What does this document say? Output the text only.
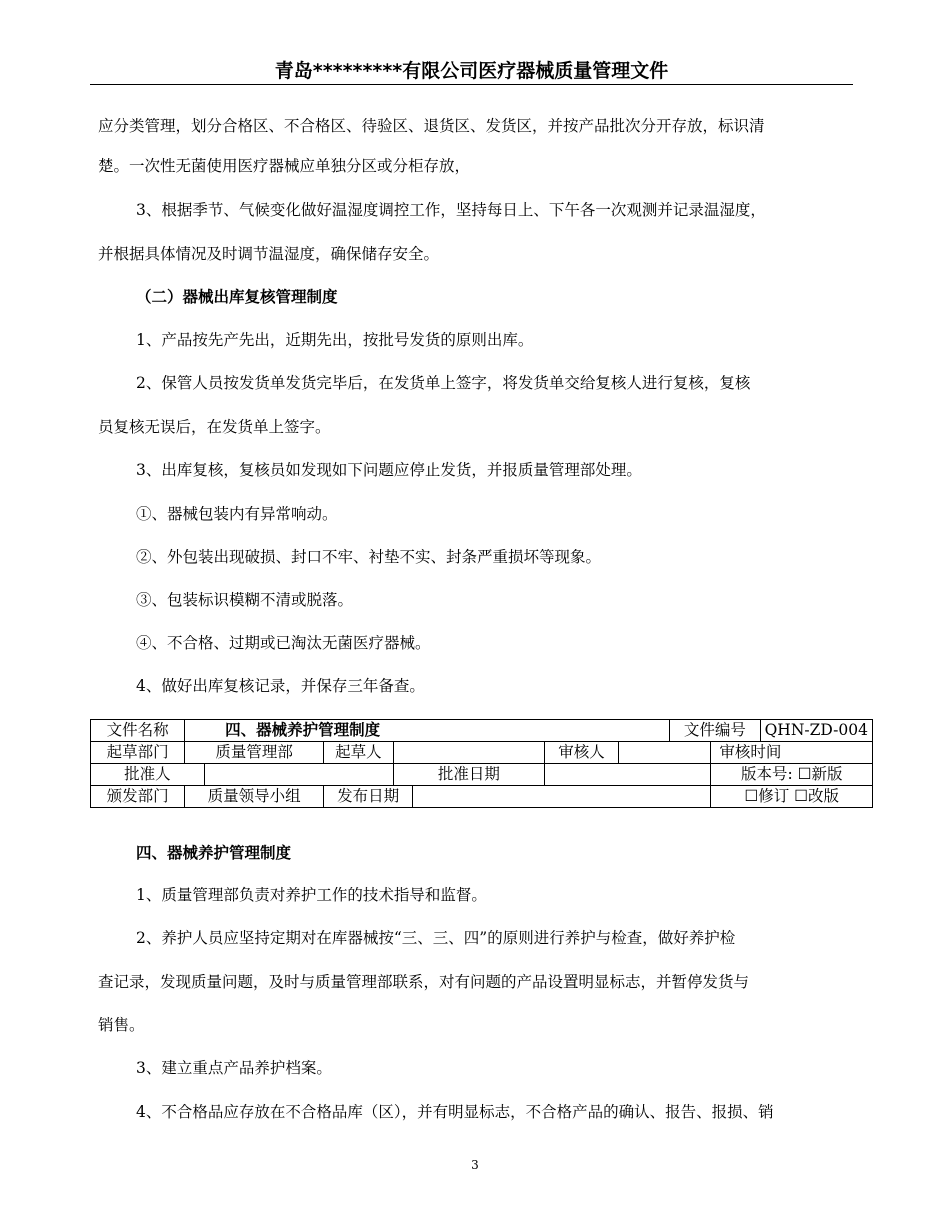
青岛*********有限公司医疗器械质量管理文件
应分类管理，划分合格区、不合格区、待验区、退货区、发货区，并按产品批次分开存放，标识清
楚。一次性无菌使用医疗器械应单独分区或分柜存放，
3、根据季节、气候变化做好温湿度调控工作，坚持每日上、下午各一次观测并记录温湿度，
并根据具体情况及时调节温湿度，确保储存安全。
（二）器械出库复核管理制度
1、产品按先产先出，近期先出，按批号发货的原则出库。
2、保管人员按发货单发货完毕后，在发货单上签字，将发货单交给复核人进行复核，复核
员复核无误后，在发货单上签字。
3、出库复核，复核员如发现如下问题应停止发货，并报质量管理部处理。
①、器械包装内有异常响动。
②、外包装出现破损、封口不牢、衬垫不实、封条严重损坏等现象。
③、包装标识模糊不清或脱落。
④、不合格、过期或已淘汰无菌医疗器械。
4、做好出库复核记录，并保存三年备查。
文件名称	四、器械养护管理制度							文件编号		QHN-ZD-004
起草部门	质量管理部		起草人			审核人			审核时间	
批准人				批准日期					版本号: ☐新版	
颁发部门	质量领导小组		发布日期						☐修订 ☐改版	
四、器械养护管理制度
1、质量管理部负责对养护工作的技术指导和监督。
2、养护人员应坚持定期对在库器械按“三、三、四”的原则进行养护与检查，做好养护检
查记录，发现质量问题，及时与质量管理部联系，对有问题的产品设置明显标志，并暂停发货与
销售。
3、建立重点产品养护档案。
4、不合格品应存放在不合格品库（区），并有明显标志，不合格产品的确认、报告、报损、销
3
